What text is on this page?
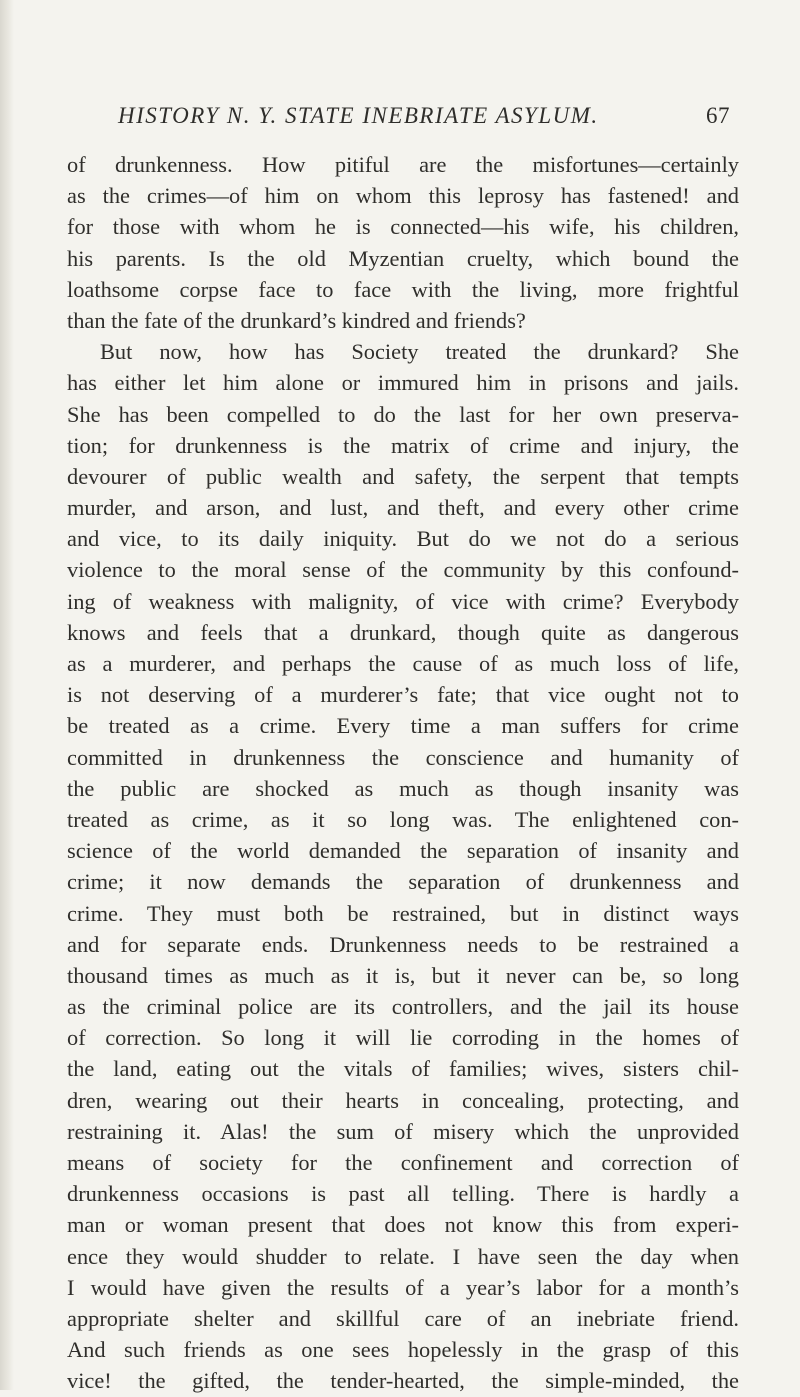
HISTORY N. Y. STATE INEBRIATE ASYLUM.	67
of drunkenness. How pitiful are the misfortunes—certainly
as the crimes—of him on whom this leprosy has fastened! and
for those with whom he is connected—his wife, his children,
his parents. Is the old Myzentian cruelty, which bound the
loathsome corpse face to face with the living, more frightful
than the fate of the drunkard’s kindred and friends?
But now, how has Society treated the drunkard? She
has either let him alone or immured him in prisons and jails.
She has been compelled to do the last for her own preserva-
tion; for drunkenness is the matrix of crime and injury, the
devourer of public wealth and safety, the serpent that tempts
murder, and arson, and lust, and theft, and every other crime
and vice, to its daily iniquity. But do we not do a serious
violence to the moral sense of the community by this confound-
ing of weakness with malignity, of vice with crime? Everybody
knows and feels that a drunkard, though quite as dangerous
as a murderer, and perhaps the cause of as much loss of life,
is not deserving of a murderer’s fate; that vice ought not to
be treated as a crime. Every time a man suffers for crime
committed in drunkenness the conscience and humanity of
the public are shocked as much as though insanity was
treated as crime, as it so long was. The enlightened con-
science of the world demanded the separation of insanity and
crime; it now demands the separation of drunkenness and
crime. They must both be restrained, but in distinct ways
and for separate ends. Drunkenness needs to be restrained a
thousand times as much as it is, but it never can be, so long
as the criminal police are its controllers, and the jail its house
of correction. So long it will lie corroding in the homes of
the land, eating out the vitals of families; wives, sisters chil-
dren, wearing out their hearts in concealing, protecting, and
restraining it. Alas! the sum of misery which the unprovided
means of society for the confinement and correction of
drunkenness occasions is past all telling. There is hardly a
man or woman present that does not know this from experi-
ence they would shudder to relate. I have seen the day when
I would have given the results of a year’s labor for a month’s
appropriate shelter and skillful care of an inebriate friend.
And such friends as one sees hopelessly in the grasp of this
vice! the gifted, the tender-hearted, the simple-minded, the
